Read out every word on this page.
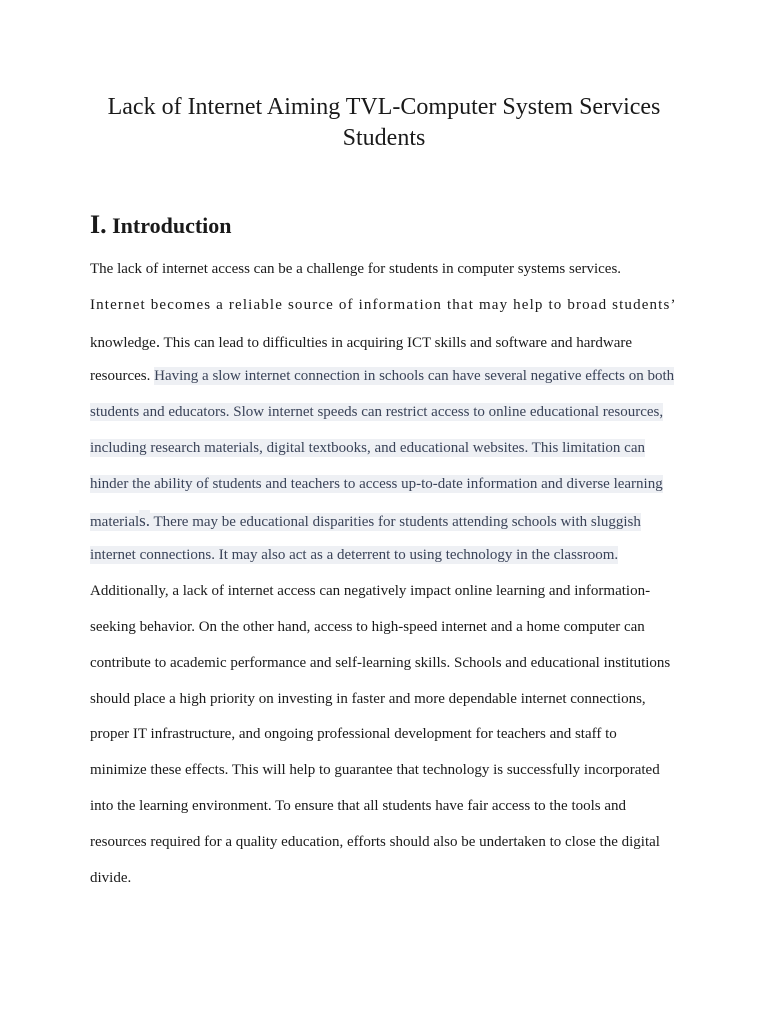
Lack of Internet Aiming TVL-Computer System Services Students
I. Introduction
The lack of internet access can be a challenge for students in computer systems services.
Internet becomes a reliable source of information that may help to broad students’
knowledge. This can lead to difficulties in acquiring ICT skills and software and hardware
resources. Having a slow internet connection in schools can have several negative effects on both
students and educators. Slow internet speeds can restrict access to online educational resources,
including research materials, digital textbooks, and educational websites. This limitation can
hinder the ability of students and teachers to access up-to-date information and diverse learning
materials. There may be educational disparities for students attending schools with sluggish
internet connections. It may also act as a deterrent to using technology in the classroom.
Additionally, a lack of internet access can negatively impact online learning and information-
seeking behavior. On the other hand, access to high-speed internet and a home computer can
contribute to academic performance and self-learning skills. Schools and educational institutions
should place a high priority on investing in faster and more dependable internet connections,
proper IT infrastructure, and ongoing professional development for teachers and staff to
minimize these effects. This will help to guarantee that technology is successfully incorporated
into the learning environment. To ensure that all students have fair access to the tools and
resources required for a quality education, efforts should also be undertaken to close the digital
divide.
